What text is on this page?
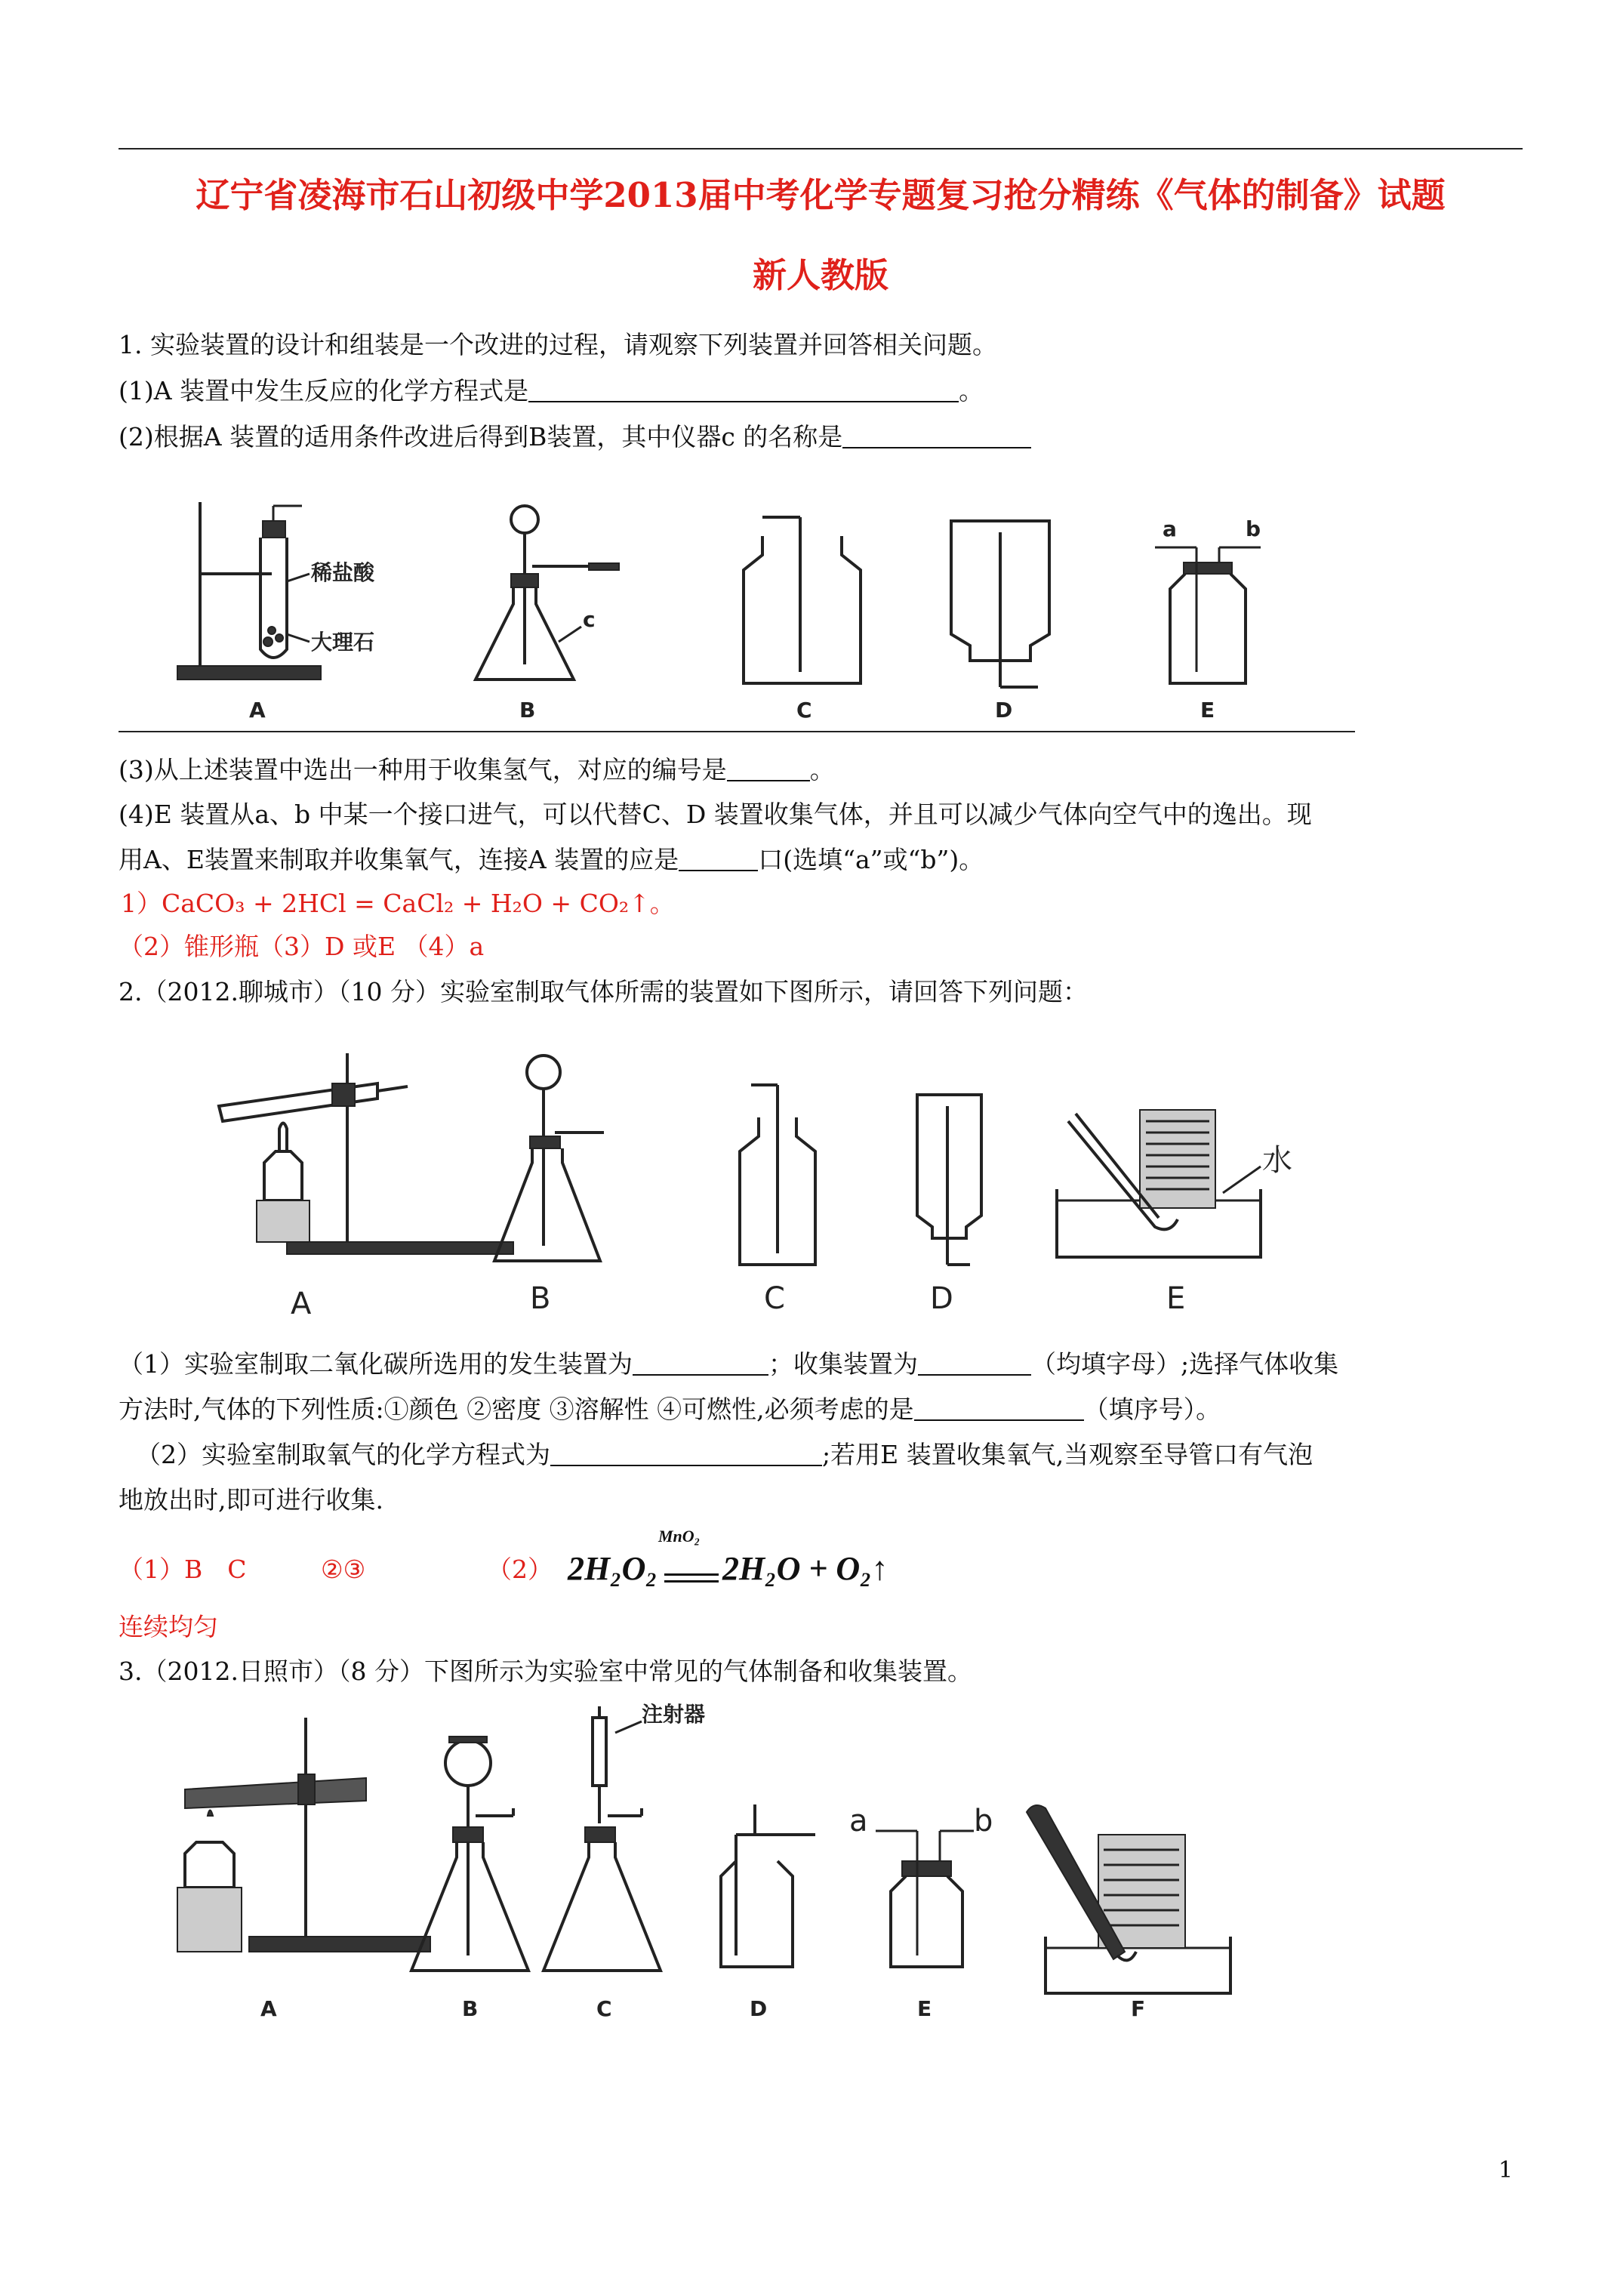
辽宁省凌海市石山初级中学2013届中考化学专题复习抢分精练《气体的制备》试题
新人教版
1. 实验装置的设计和组装是一个改进的过程，请观察下列装置并回答相关问题。
(1)A 装置中发生反应的化学方程式是	。
(2)根据A 装置的适用条件改进后得到B装置，其中仪器c 的名称是
稀盐酸
大理石
c
a	b
A	B	C	D	E
(3)从上述装置中选出一种用于收集氢气，对应的编号是	。
(4)E 装置从a、b 中某一个接口进气，可以代替C、D 装置收集气体，并且可以减少气体向空气中的逸出。现
用A、E装置来制取并收集氧气，连接A 装置的应是	口(选填“a”或“b”)。
1）CaCO₃ + 2HCl = CaCl₂ + H₂O + CO₂↑。
（2）锥形瓶（3）D 或E （4）a
2.（2012.聊城市）（10 分）实验室制取气体所需的装置如下图所示，请回答下列问题：
水
A	B	C	D	E
（1）实验室制取二氧化碳所选用的发生装置为	；收集装置为	（均填字母）;选择气体收集
方法时,气体的下列性质:①颜色 ②密度 ③溶解性 ④可燃性,必须考虑的是	（填序号）。
（2）实验室制取氧气的化学方程式为	;若用E 装置收集氧气,当观察至导管口有气泡
地放出时,即可进行收集.
（1）B　C	②③	（2）
MnO₂
2H₂O₂ 2H₂O + O₂↑
连续均匀
3.（2012.日照市）（8 分）下图所示为实验室中常见的气体制备和收集装置。
注射器
a	b
A	B	C	D	E	F
1
